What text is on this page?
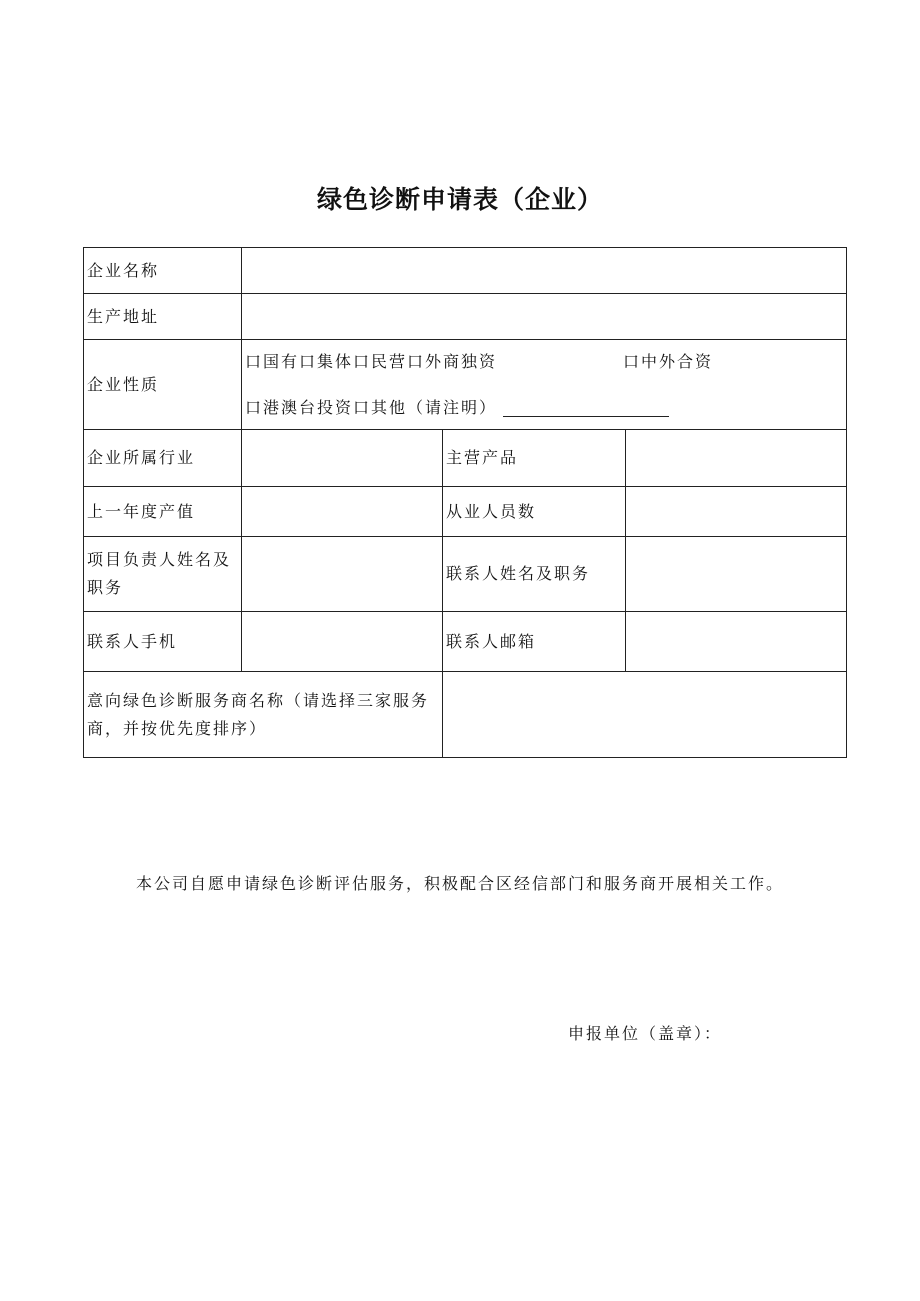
绿色诊断申请表（企业）
企业名称			
生产地址			
企业性质	口国有口集体口民营口外商独资 口中外合资
口港澳台投资口其他（请注明）		

企业所属行业		主营产品	
上一年度产值		从业人员数	
项目负责人姓名及职务		联系人姓名及职务	
联系人手机		联系人邮箱	
意向绿色诊断服务商名称（请选择三家服务商，并按优先度排序）			
本公司自愿申请绿色诊断评估服务，积极配合区经信部门和服务商开展相关工作。
申报单位（盖章）：
